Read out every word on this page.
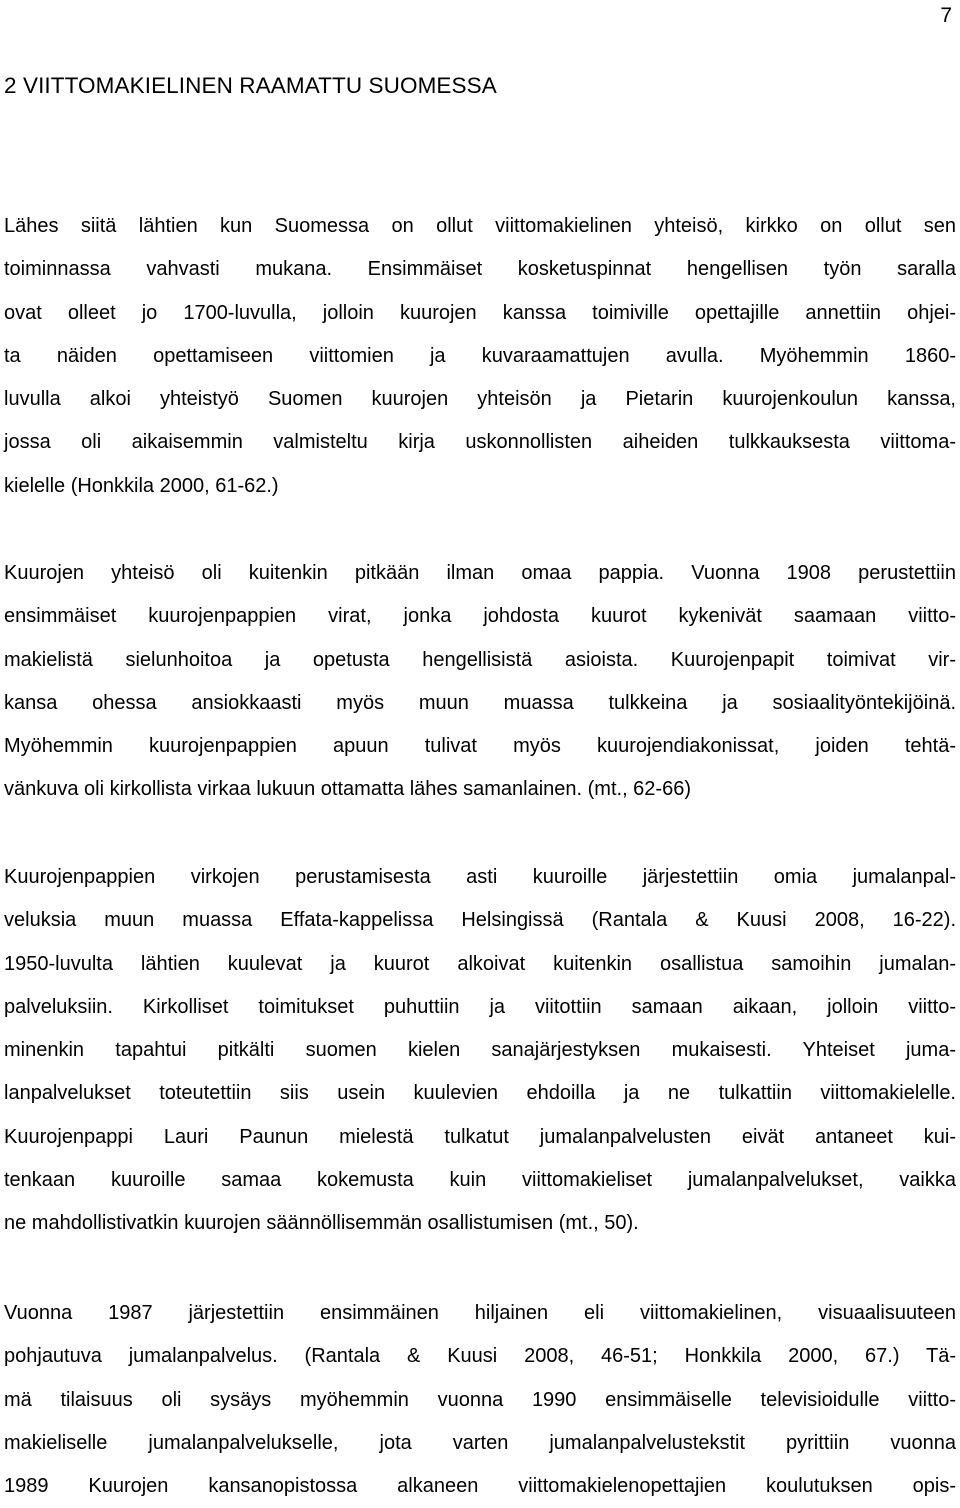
7
2 VIITTOMAKIELINEN RAAMATTU SUOMESSA
Lähes siitä lähtien kun Suomessa on ollut viittomakielinen yhteisö, kirkko on ollut sen
toiminnassa vahvasti mukana. Ensimmäiset kosketuspinnat hengellisen työn saralla
ovat olleet jo 1700-luvulla, jolloin kuurojen kanssa toimiville opettajille annettiin ohjei-
ta näiden opettamiseen viittomien ja kuvaraamattujen avulla. Myöhemmin 1860-
luvulla alkoi yhteistyö Suomen kuurojen yhteisön ja Pietarin kuurojenkoulun kanssa,
jossa oli aikaisemmin valmisteltu kirja uskonnollisten aiheiden tulkkauksesta viittoma-
kielelle (Honkkila 2000, 61-62.)
Kuurojen yhteisö oli kuitenkin pitkään ilman omaa pappia. Vuonna 1908 perustettiin
ensimmäiset kuurojenpappien virat, jonka johdosta kuurot kykenivät saamaan viitto-
makielistä sielunhoitoa ja opetusta hengellisistä asioista. Kuurojenpapit toimivat vir-
kansa ohessa ansiokkaasti myös muun muassa tulkkeina ja sosiaalityöntekijöinä.
Myöhemmin kuurojenpappien apuun tulivat myös kuurojendiakonissat, joiden tehtä-
vänkuva oli kirkollista virkaa lukuun ottamatta lähes samanlainen. (mt., 62-66)
Kuurojenpappien virkojen perustamisesta asti kuuroille järjestettiin omia jumalanpal-
veluksia muun muassa Effata-kappelissa Helsingissä (Rantala & Kuusi 2008, 16-22).
1950-luvulta lähtien kuulevat ja kuurot alkoivat kuitenkin osallistua samoihin jumalan-
palveluksiin. Kirkolliset toimitukset puhuttiin ja viitottiin samaan aikaan, jolloin viitto-
minenkin tapahtui pitkälti suomen kielen sanajärjestyksen mukaisesti. Yhteiset juma-
lanpalvelukset toteutettiin siis usein kuulevien ehdoilla ja ne tulkattiin viittomakielelle.
Kuurojenpappi Lauri Paunun mielestä tulkatut jumalanpalvelusten eivät antaneet kui-
tenkaan kuuroille samaa kokemusta kuin viittomakieliset jumalanpalvelukset, vaikka
ne mahdollistivatkin kuurojen säännöllisemmän osallistumisen (mt., 50).
Vuonna 1987 järjestettiin ensimmäinen hiljainen eli viittomakielinen, visuaalisuuteen
pohjautuva jumalanpalvelus. (Rantala & Kuusi 2008, 46-51; Honkkila 2000, 67.) Tä-
mä tilaisuus oli sysäys myöhemmin vuonna 1990 ensimmäiselle televisioidulle viitto-
makieliselle jumalanpalvelukselle, jota varten jumalanpalvelustekstit pyrittiin vuonna
1989 Kuurojen kansanopistossa alkaneen viittomakielenopettajien koulutuksen opis-
